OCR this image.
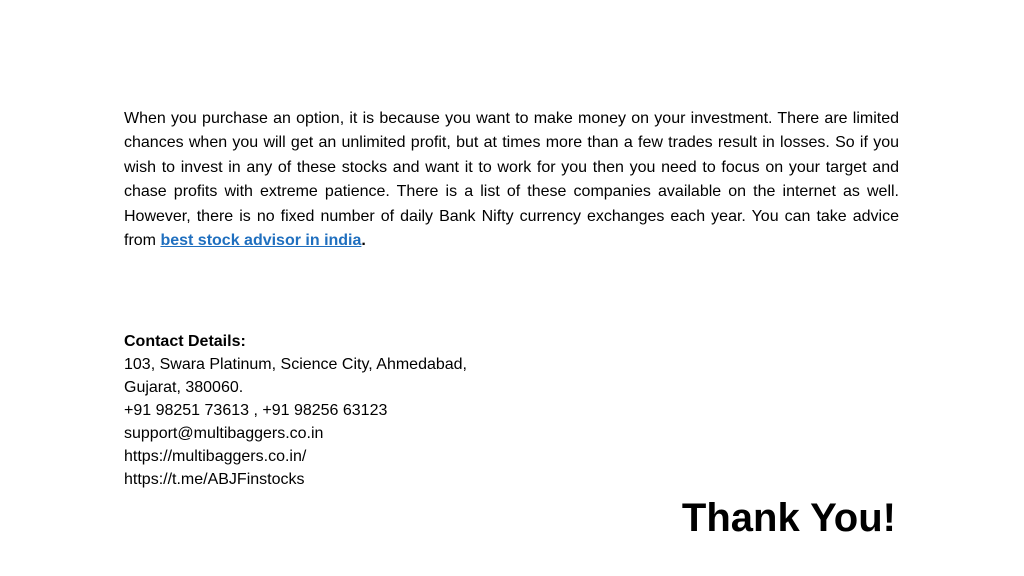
When you purchase an option, it is because you want to make money on your investment. There are limited chances when you will get an unlimited profit, but at times more than a few trades result in losses. So if you wish to invest in any of these stocks and want it to work for you then you need to focus on your target and chase profits with extreme patience. There is a list of these companies available on the internet as well. However, there is no fixed number of daily Bank Nifty currency exchanges each year. You can take advice from best stock advisor in india.

Contact Details:
103, Swara Platinum, Science City, Ahmedabad,
Gujarat, 380060.
+91 98251 73613 , +91 98256 63123
support@multibaggers.co.in
https://multibaggers.co.in/
https://t.me/ABJFinstocks
Thank You!
